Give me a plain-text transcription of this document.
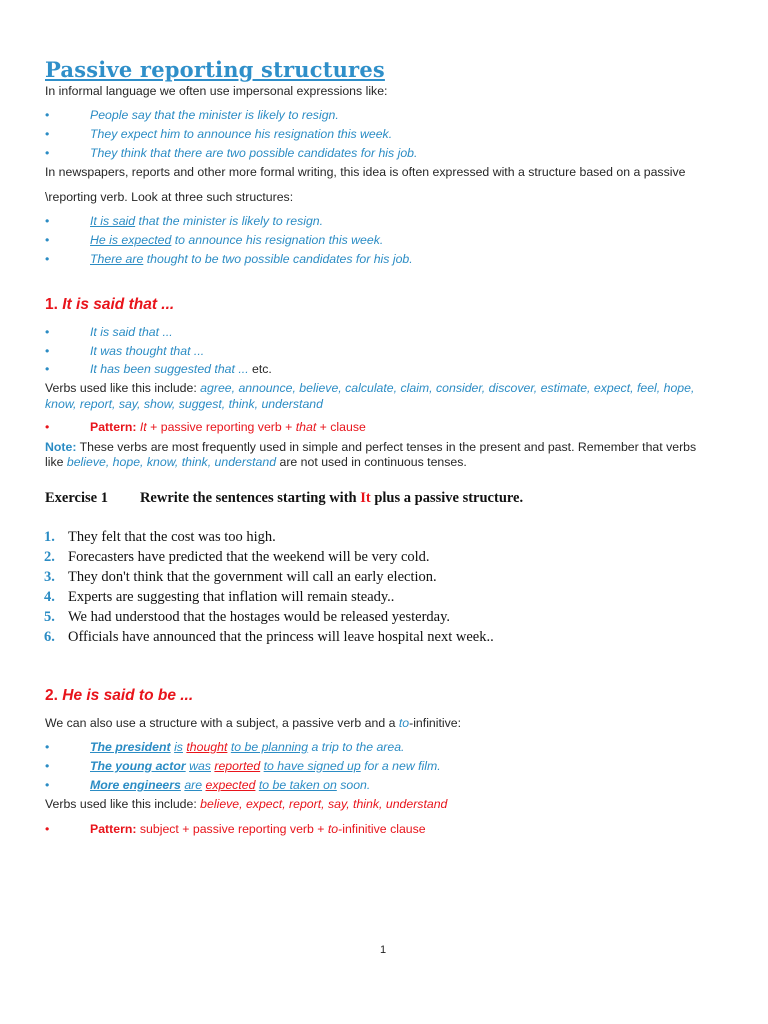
Passive reporting structures
In informal language we often use impersonal expressions like:
•	People say that the minister is likely to resign.
•	They expect him to announce his resignation this week.
•	They think that there are two possible candidates for his job.
In newspapers, reports and other more formal writing, this idea is often expressed with a structure based on a passive
\reporting verb. Look at three such structures:
•	It is said that the minister is likely to resign.
•	He is expected to announce his resignation this week.
•	There are thought to be two possible candidates for his job.
1. It is said that ...
•	It is said that ...
•	It was thought that ...
•	It has been suggested that ... etc.
Verbs used like this include: agree, announce, believe, calculate, claim, consider, discover, estimate, expect, feel, hope,
know, report, say, show, suggest, think, understand
•	Pattern: It + passive reporting verb + that + clause
Note: These verbs are most frequently used in simple and perfect tenses in the present and past. Remember that verbs
like believe, hope, know, think, understand are not used in continuous tenses.
Exercise 1 Rewrite the sentences starting with It plus a passive structure.
1. They felt that the cost was too high.
2. Forecasters have predicted that the weekend will be very cold.
3. They don't think that the government will call an early election.
4. Experts are suggesting that inflation will remain steady..
5. We had understood that the hostages would be released yesterday.
6. Officials have announced that the princess will leave hospital next week..
2. He is said to be ...
We can also use a structure with a subject, a passive verb and a to-infinitive:
•	The president is thought to be planning a trip to the area.
•	The young actor was reported to have signed up for a new film.
•	More engineers are expected to be taken on soon.
Verbs used like this include: believe, expect, report, say, think, understand
•	Pattern: subject + passive reporting verb + to-infinitive clause
1
